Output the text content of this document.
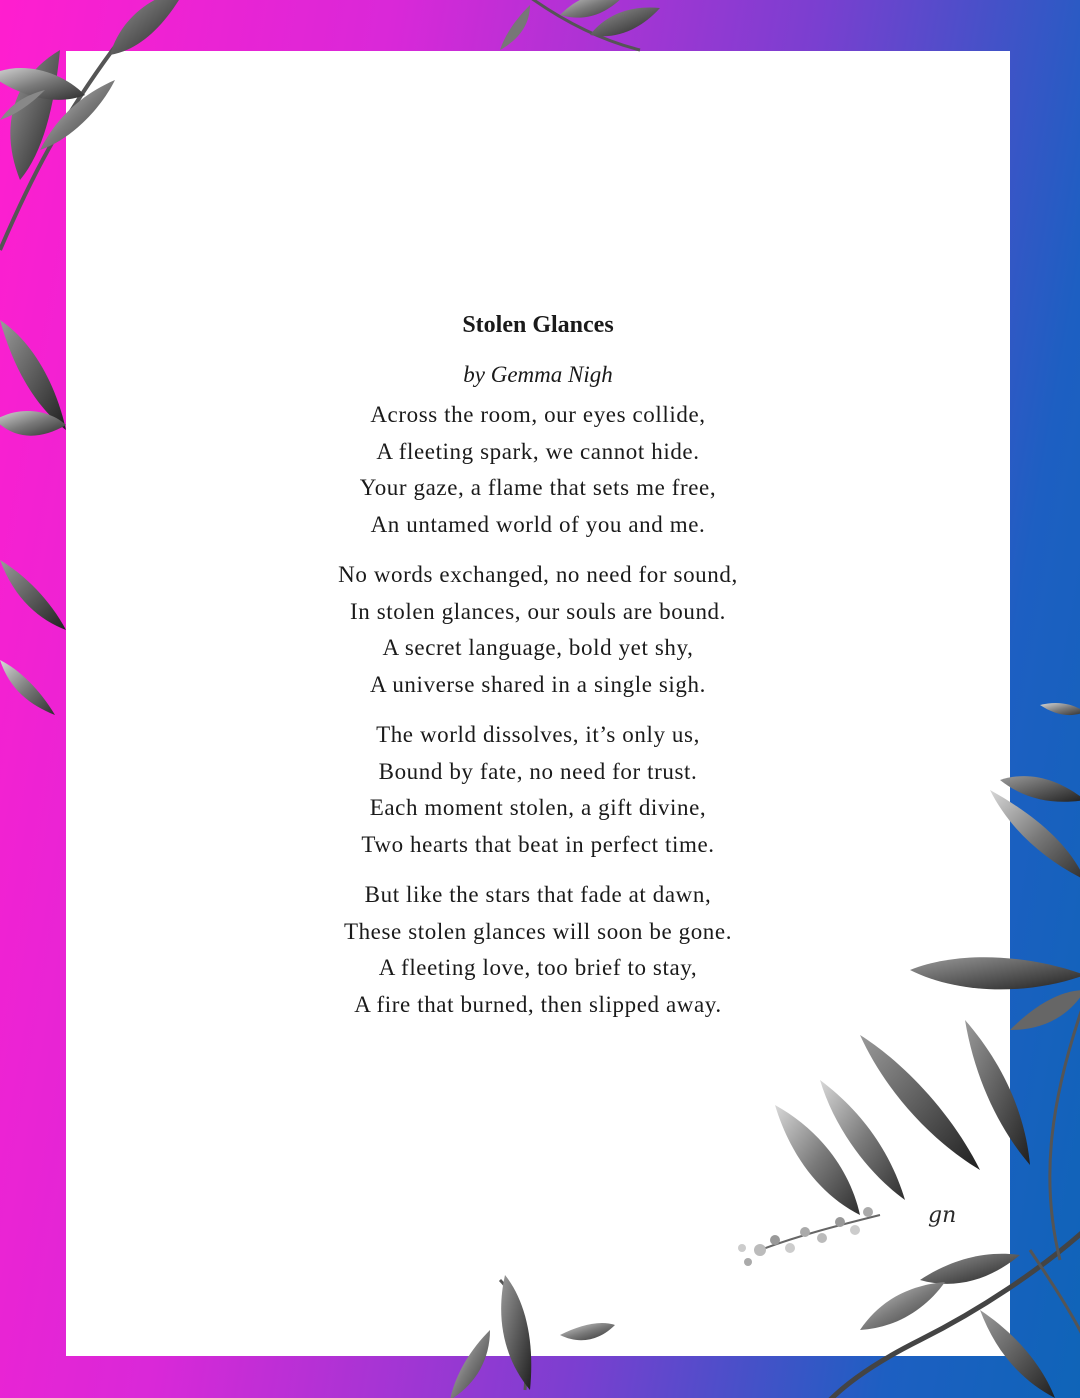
Stolen Glances
by Gemma Nigh
Across the room, our eyes collide,
A fleeting spark, we cannot hide.
Your gaze, a flame that sets me free,
An untamed world of you and me.
No words exchanged, no need for sound,
In stolen glances, our souls are bound.
A secret language, bold yet shy,
A universe shared in a single sigh.
The world dissolves, it’s only us,
Bound by fate, no need for trust.
Each moment stolen, a gift divine,
Two hearts that beat in perfect time.
But like the stars that fade at dawn,
These stolen glances will soon be gone.
A fleeting love, too brief to stay,
A fire that burned, then slipped away.
gn
